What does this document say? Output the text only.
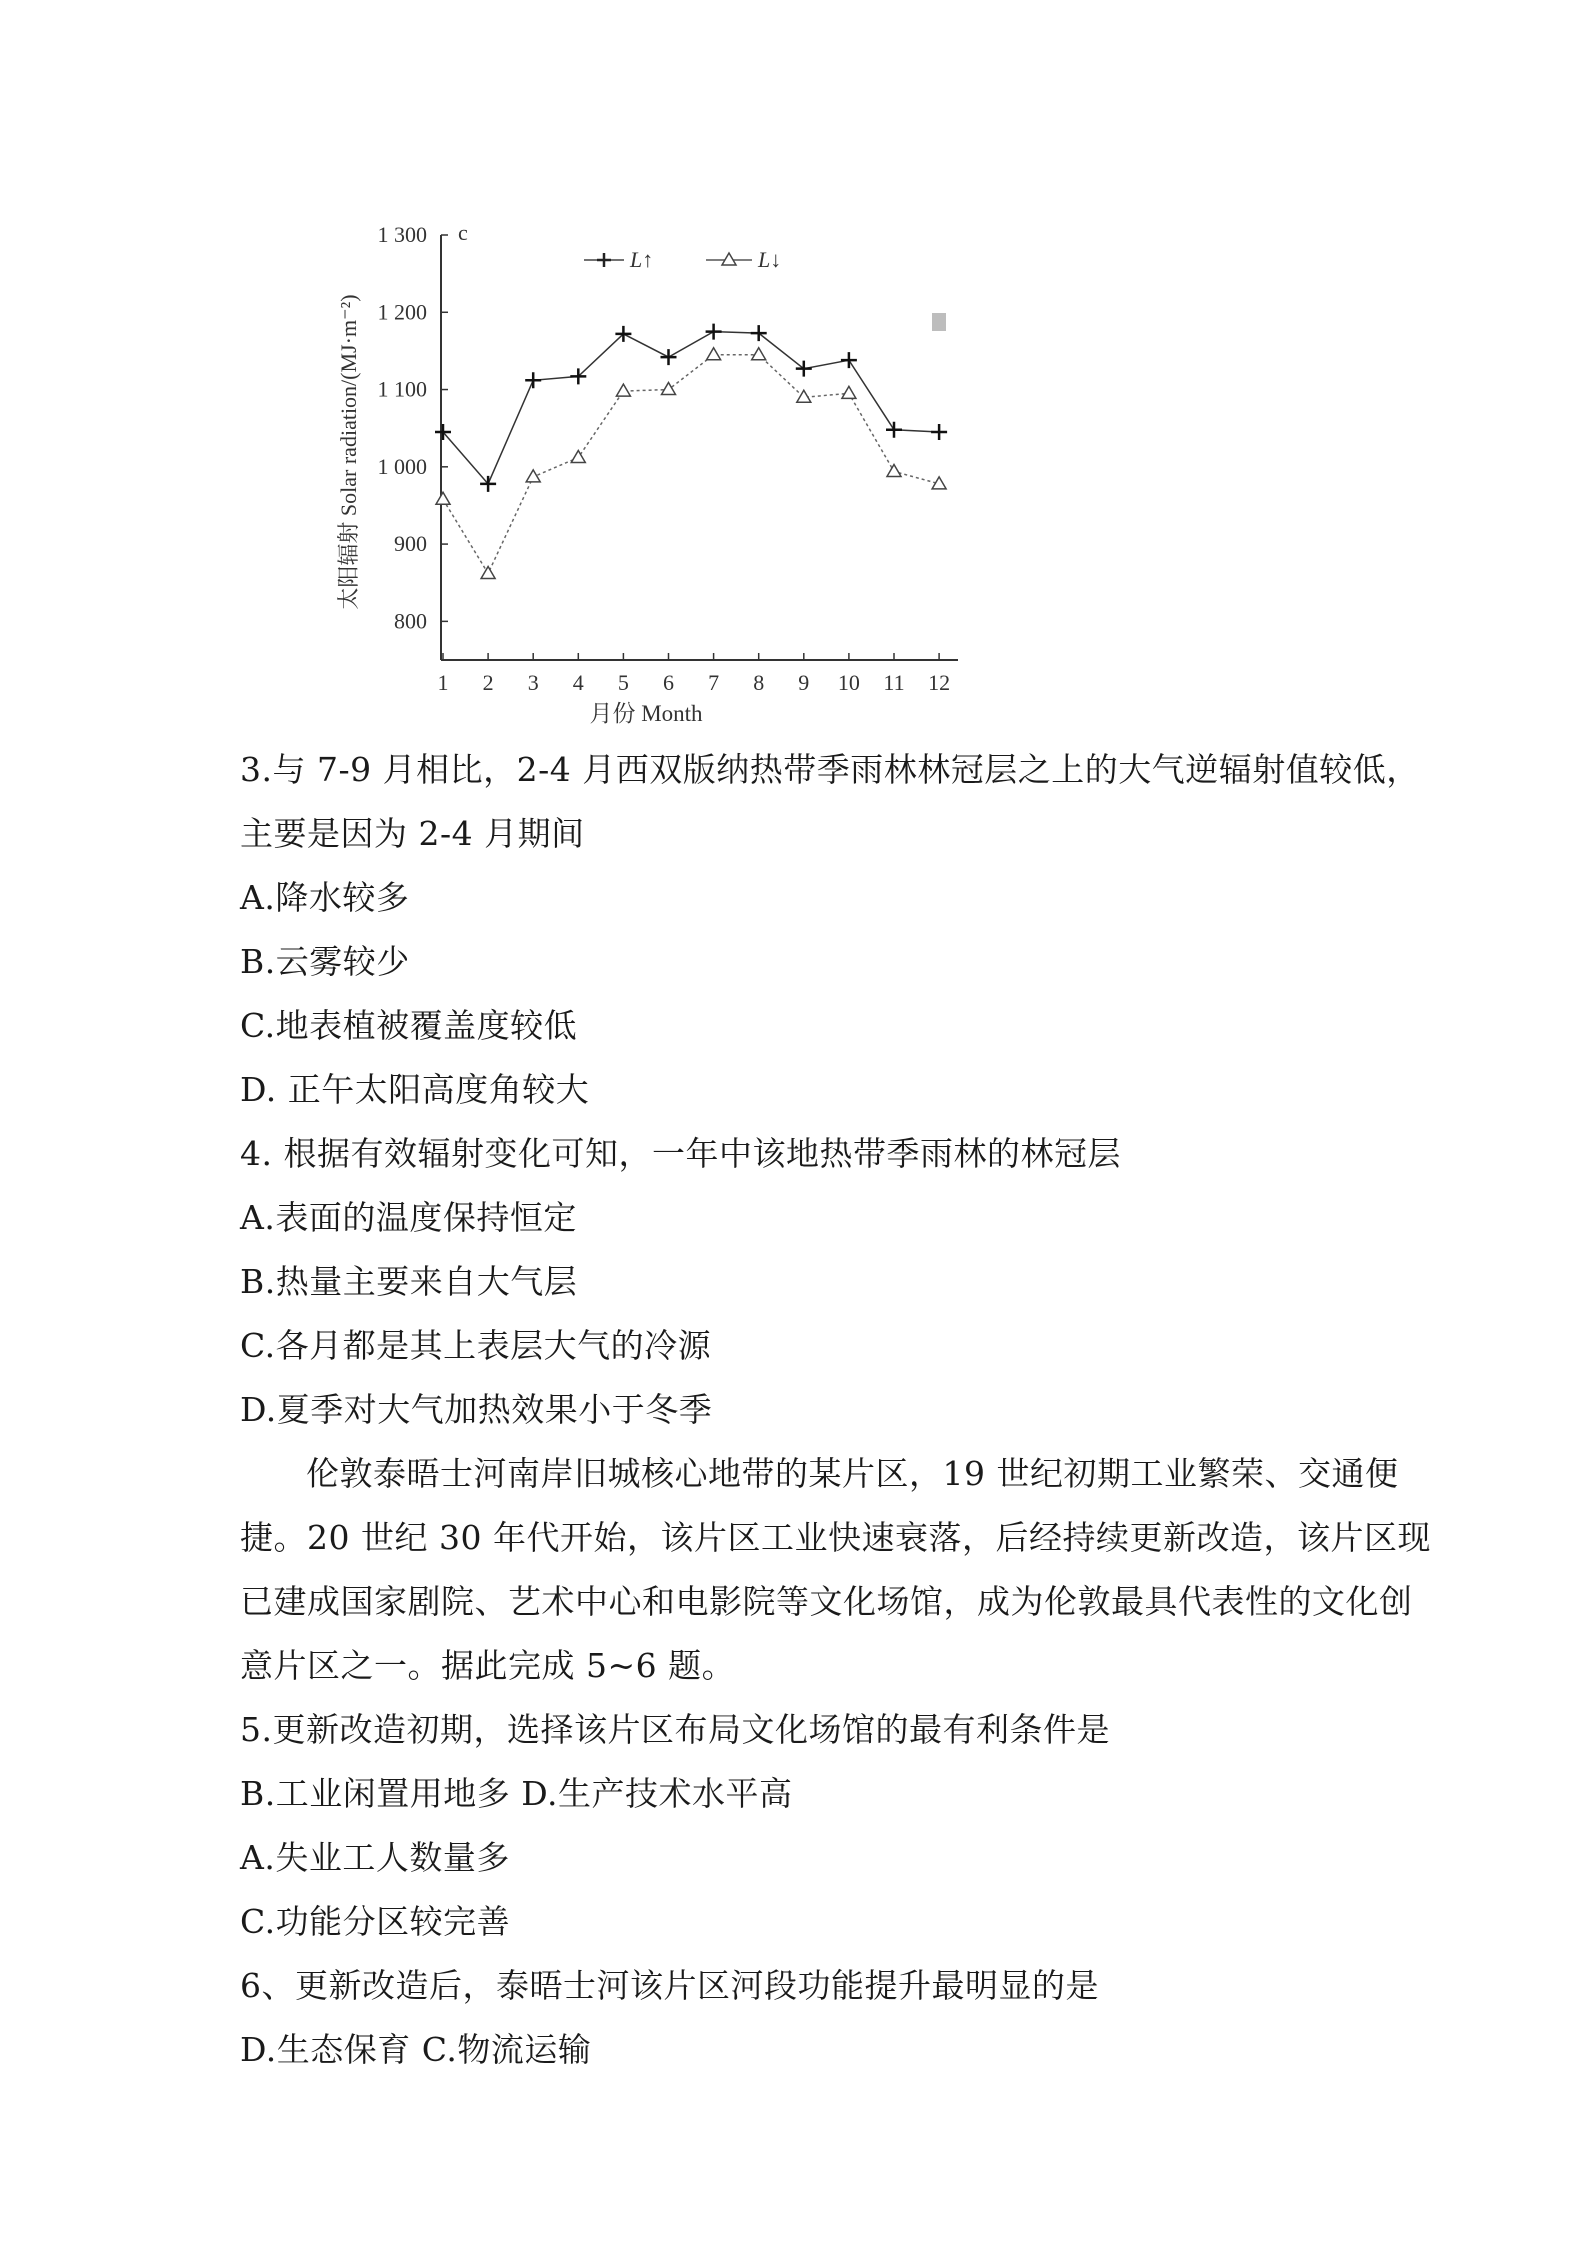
800
900
1 000
1 100
1 200
1 300
1 2 3 4 5 6 7 8 9 10 11 12
c
L↑	L↓
太阳辐射 Solar radiation/(MJ·m⁻²)
月份 Month
3.与 7-9 月相比，2-4 月西双版纳热带季雨林林冠层之上的大气逆辐射值较低，
主要是因为 2-4 月期间
A.降水较多
B.云雾较少
C.地表植被覆盖度较低
D. 正午太阳高度角较大
4. 根据有效辐射变化可知，一年中该地热带季雨林的林冠层
A.表面的温度保持恒定
B.热量主要来自大气层
C.各月都是其上表层大气的冷源
D.夏季对大气加热效果小于冬季
伦敦泰晤士河南岸旧城核心地带的某片区，19 世纪初期工业繁荣、交通便
捷。20 世纪 30 年代开始，该片区工业快速衰落，后经持续更新改造，该片区现
已建成国家剧院、艺术中心和电影院等文化场馆，成为伦敦最具代表性的文化创
意片区之一。据此完成 5~6 题。
5.更新改造初期，选择该片区布局文化场馆的最有利条件是
B.工业闲置用地多 D.生产技术水平高
A.失业工人数量多
C.功能分区较完善
6、更新改造后，泰晤士河该片区河段功能提升最明显的是
D.生态保育 C.物流运输
